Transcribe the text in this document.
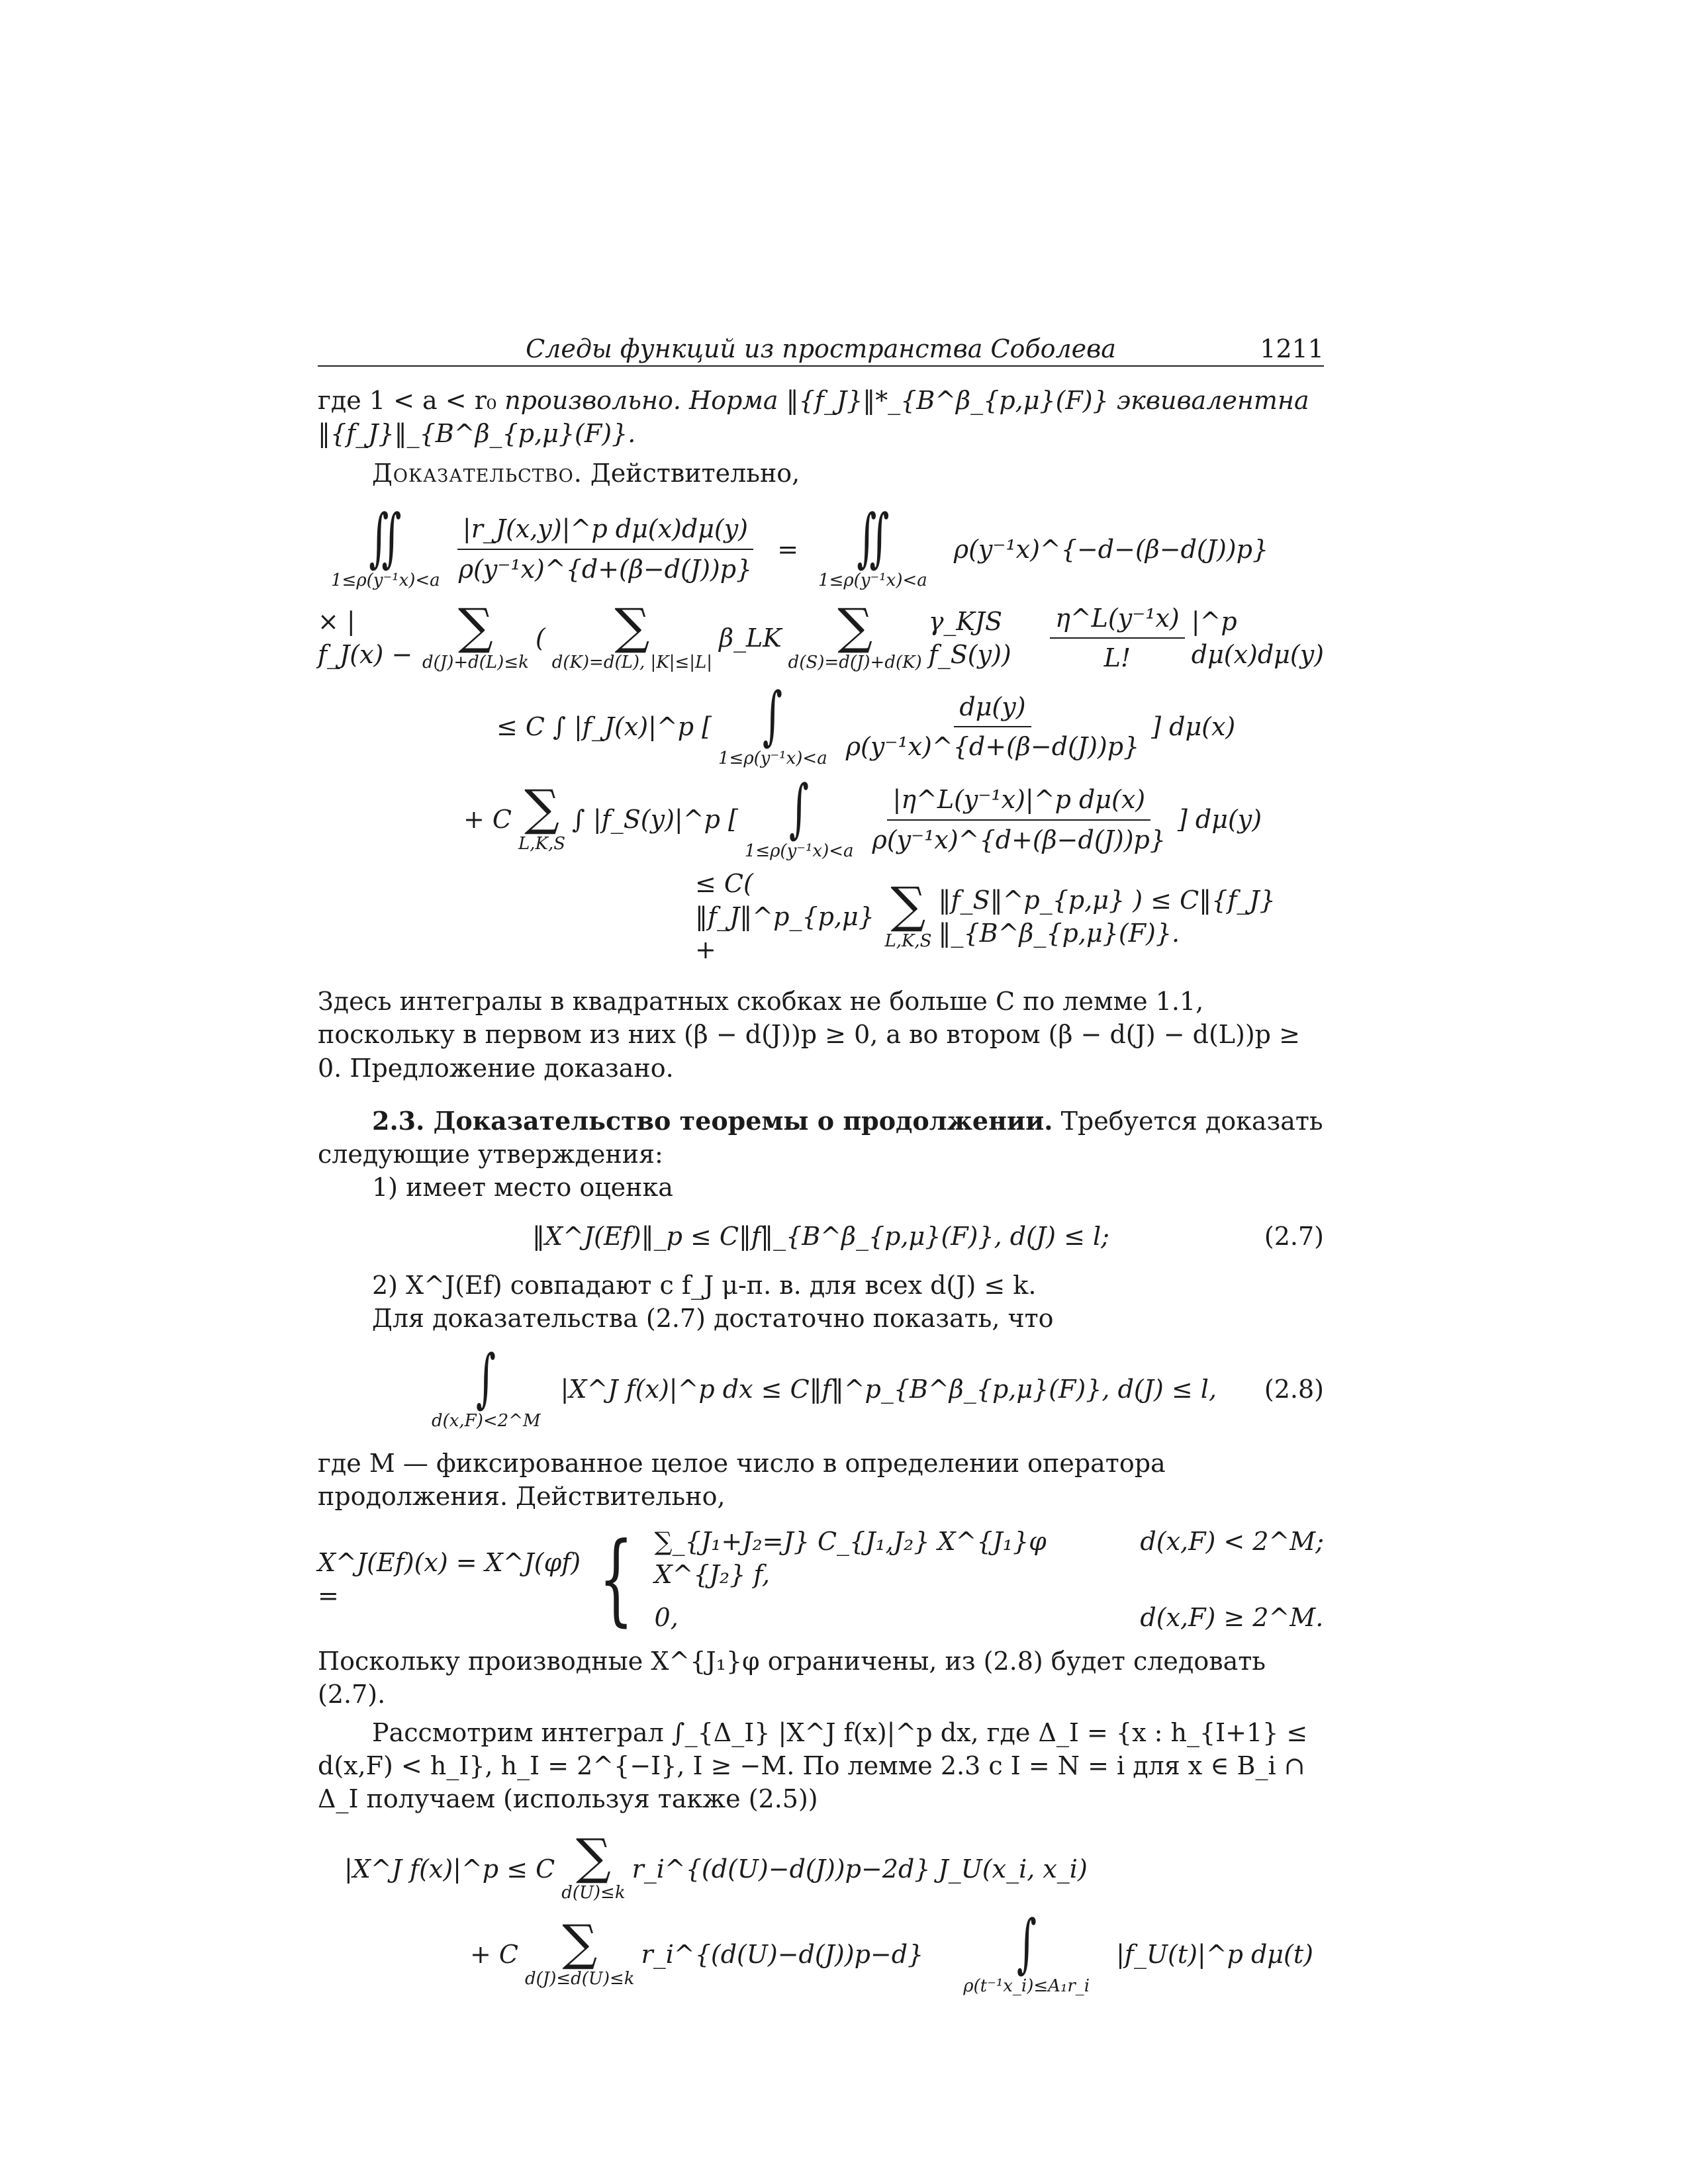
Следы функций из пространства Соболева	1211

где 1 < a < r₀ произвольно. Норма ‖{f_J}‖*_{B^β_{p,μ}(F)} эквивалентна ‖{f_J}‖_{B^β_{p,μ}(F)}.

Доказательство. Действительно,

∬
$1\le\rho(y^{-1}x)<a \frac{\text{|r\_J(x,y)|\textasciicircum{}p dμ(x)dμ(y)}}{\text{ρ(y⁻¹x)\textasciicircum{}\{d+(β−d(J))p\}}}$ = ∬
1≤ρ(y⁻¹x)<a
ρ(y⁻¹x)^{−d−(β−d(J))p}
× | f_J(x) − ∑
d(J)+d(L)≤k
( ∑
d(K)=d(L), |K|≤|L|
β_LK ∑
d(S)=d(J)+d(K)
γ_KJS f_S(y))	$\frac{\text{η\textasciicircum{}L(y⁻¹x)}}{L!}$ |^p dμ(x)dμ(y)
≤ C ∫ |f_J(x)|^p [ ∫
$1\le\rho(y^{-1}x)<a \frac{d\mu(y)}{\text{ρ(y⁻¹x)\textasciicircum{}\{d+(β−d(J))p\}}}$ ] dμ(x)
+ C ∑
L,K,S
∫ |f_S(y)|^p [ ∫
$1\le\rho(y^{-1}x)<a \frac{\text{|η\textasciicircum{}L(y⁻¹x)|\textasciicircum{}p dμ(x)}}{\text{ρ(y⁻¹x)\textasciicircum{}\{d+(β−d(J))p\}}}$ ] dμ(y)
≤ C( ‖f_J‖^p_{p,μ} +
∑
L,K,S
‖f_S‖^p_{p,μ} ) ≤ C‖{f_J}‖_{B^β_{p,μ}(F)}.

Здесь интегралы в квадратных скобках не больше C по лемме 1.1, поскольку в первом из них (β − d(J))p ≥ 0, а во втором (β − d(J) − d(L))p ≥ 0. Предложение доказано.

2.3. Доказательство теоремы о продолжении. Требуется доказать следующие утверждения:

1) имеет место оценка

‖X^J(Ef)‖_p ≤ C‖f‖_{B^β_{p,μ}(F)}, d(J) ≤ l;	(2.7)

2) X^J(Ef) совпадают с f_J μ-п. в. для всех d(J) ≤ k.

Для доказательства (2.7) достаточно показать, что

∫
d(x,F)<2^M
|X^J f(x)|^p dx ≤ C‖f‖^p_{B^β_{p,μ}(F)}, d(J) ≤ l, (2.8)

где M — фиксированное целое число в определении оператора продолжения. Действительно,

X^J(Ef)(x) = X^J(φf) =	{ ∑_{J₁+J₂=J} C_{J₁,J₂} X^{J₁}φ X^{J₂} f,
d(x,F) < 2^M;
0,	d(x,F) ≥ 2^M.

Поскольку производные X^{J₁}φ ограничены, из (2.8) будет следовать (2.7).

Рассмотрим интеграл ∫_{Δ_I} |X^J f(x)|^p dx, где Δ_I = {x : h_{I+1} ≤ d(x,F) < h_I}, h_I = 2^{−I}, I ≥ −M. По лемме 2.3 с I = N = i для x ∈ B_i ∩ Δ_I получаем (используя также (2.5))

|X^J f(x)|^p ≤ C ∑
d(U)≤k
r_i^{(d(U)−d(J))p−2d} J_U(x_i, x_i)
+ C ∑
d(J)≤d(U)≤k
r_i^{(d(U)−d(J))p−d} ∫
ρ(t⁻¹x_i)≤A₁r_i
|f_U(t)|^p dμ(t)
